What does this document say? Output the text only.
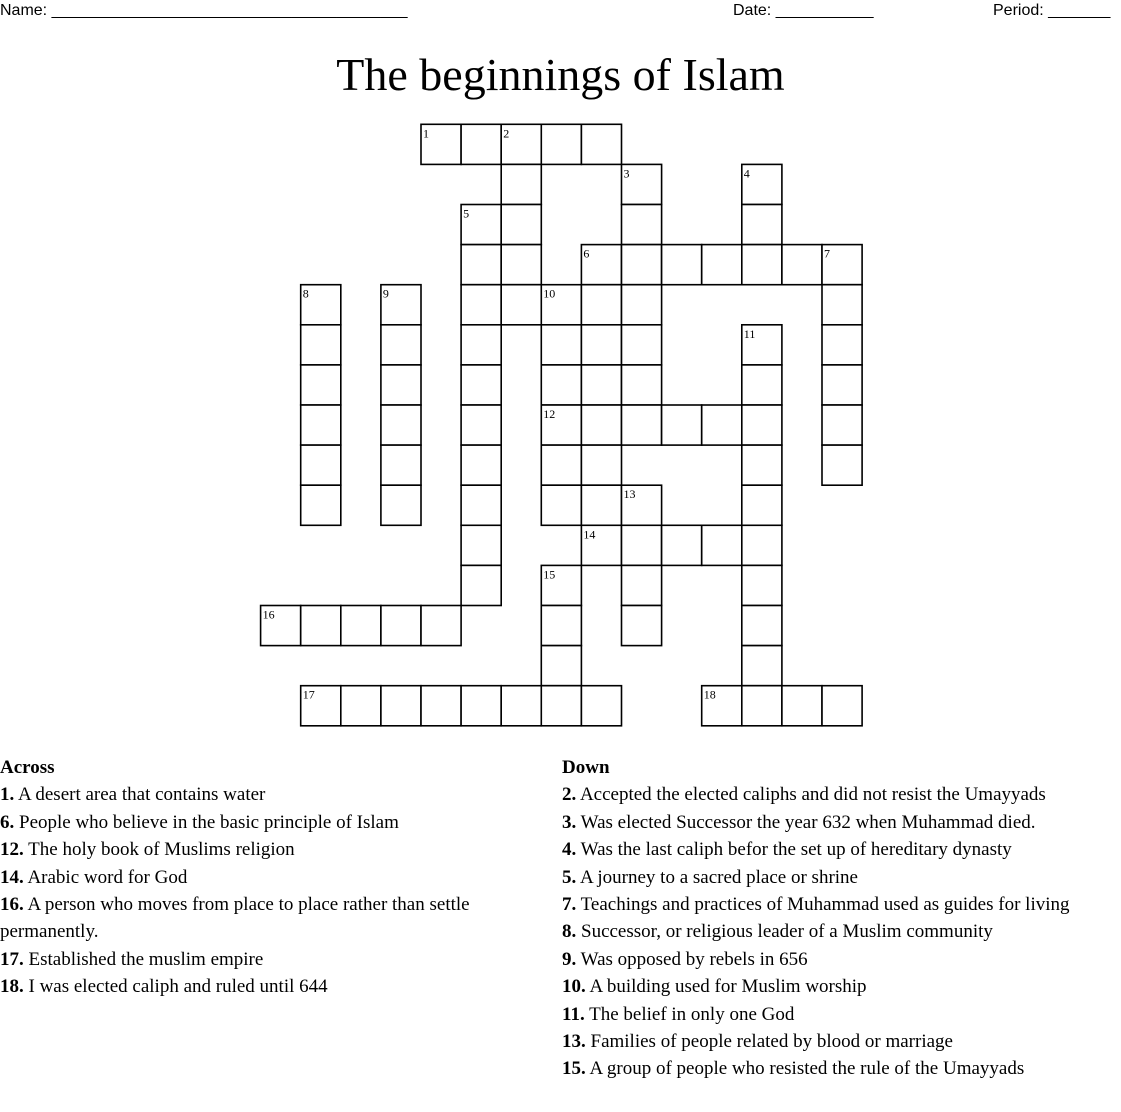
Name: ________________________________________	Date: ___________	Period: _______
The beginnings of Islam
1	2
3	4
5
6	7
8	9	10
11
12
13
14
15
16
17	18
Across

1. A desert area that contains water

6. People who believe in the basic principle of Islam

12. The holy book of Muslims religion

14. Arabic word for God

16. A person who moves from place to place rather than settle permanently.

17. Established the muslim empire

18. I was elected caliph and ruled until 644

Down

2. Accepted the elected caliphs and did not resist the Umayyads

3. Was elected Successor the year 632 when Muhammad died.

4. Was the last caliph befor the set up of hereditary dynasty

5. A journey to a sacred place or shrine

7. Teachings and practices of Muhammad used as guides for living

8. Successor, or religious leader of a Muslim community

9. Was opposed by rebels in 656

10. A building used for Muslim worship

11. The belief in only one God

13. Families of people related by blood or marriage

15. A group of people who resisted the rule of the Umayyads
